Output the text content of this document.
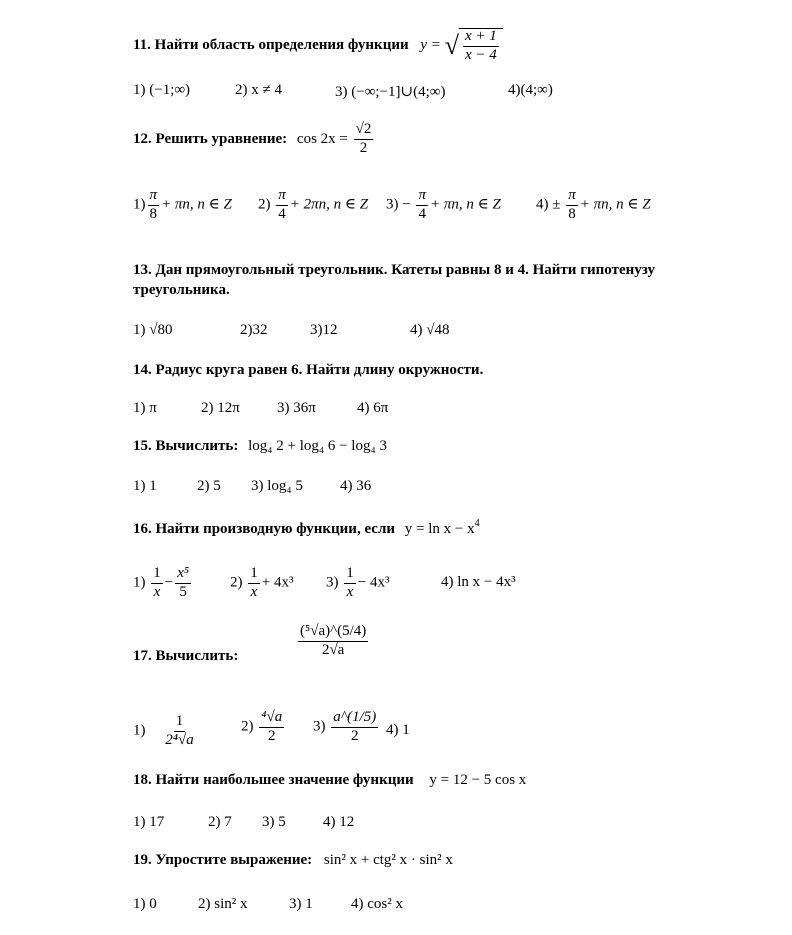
11. Найти область определения функции y = √ $\frac{x + 1}{x - 4}$
1) (−1;∞)	2) x ≠ 4	3) (−∞;−1]∪(4;∞)	4)(4;∞)
12. Решить уравнение: $\cos 2x = \frac{√2}{2}$
$1) \frac{\pi}{8} + \pi n$, n ∈ Z $2) \frac{\pi}{4} + 2\pi n$, n ∈ Z $3) - \frac{\pi}{4} + \pi n$, n ∈ Z $4) \pm \frac{\pi}{8} + \pi n$, n ∈ Z
13. Дан прямоугольный треугольник. Катеты равны 8 и 4. Найти гипотенузу
треугольника.
1) √80	2)32	3)12	4) √48
14. Радиус круга равен 6. Найти длину окружности.
1) π	2) 12π 3) 36π	4) 6π
15. Вычислить: log₄ 2 + log₄ 6 − log₄ 3
1) 1	2) 5 3) log₄ 5 4) 36
16. Найти производную функции, если $y = \ln x - x^4$
$1) \frac{1}{x} - \frac{\text{x⁵}}{5}$	$2) \frac{1}{x} + 4x^3$ $3) \frac{1}{x} - 4x^3$	4) ln x − 4x³
17. Вычислить:	$\frac{\text{(⁵√a)\textasciicircum{}(5/4)}}{2√a}$
$1) \frac{1}{\text{2⁴√a}}$	$2) \frac{\text{⁴√a}}{2} 3) \frac{a\^{}(1/5)}{2} 4$) 1
18. Найти наибольшее значение функции y = 12 − 5 cos x
1) 17	2) 7 3) 5 4) 12
19. Упростите выражение: sin² x + ctg² x · sin² x
1) 0	2) sin² x	3) 1	4) cos² x
